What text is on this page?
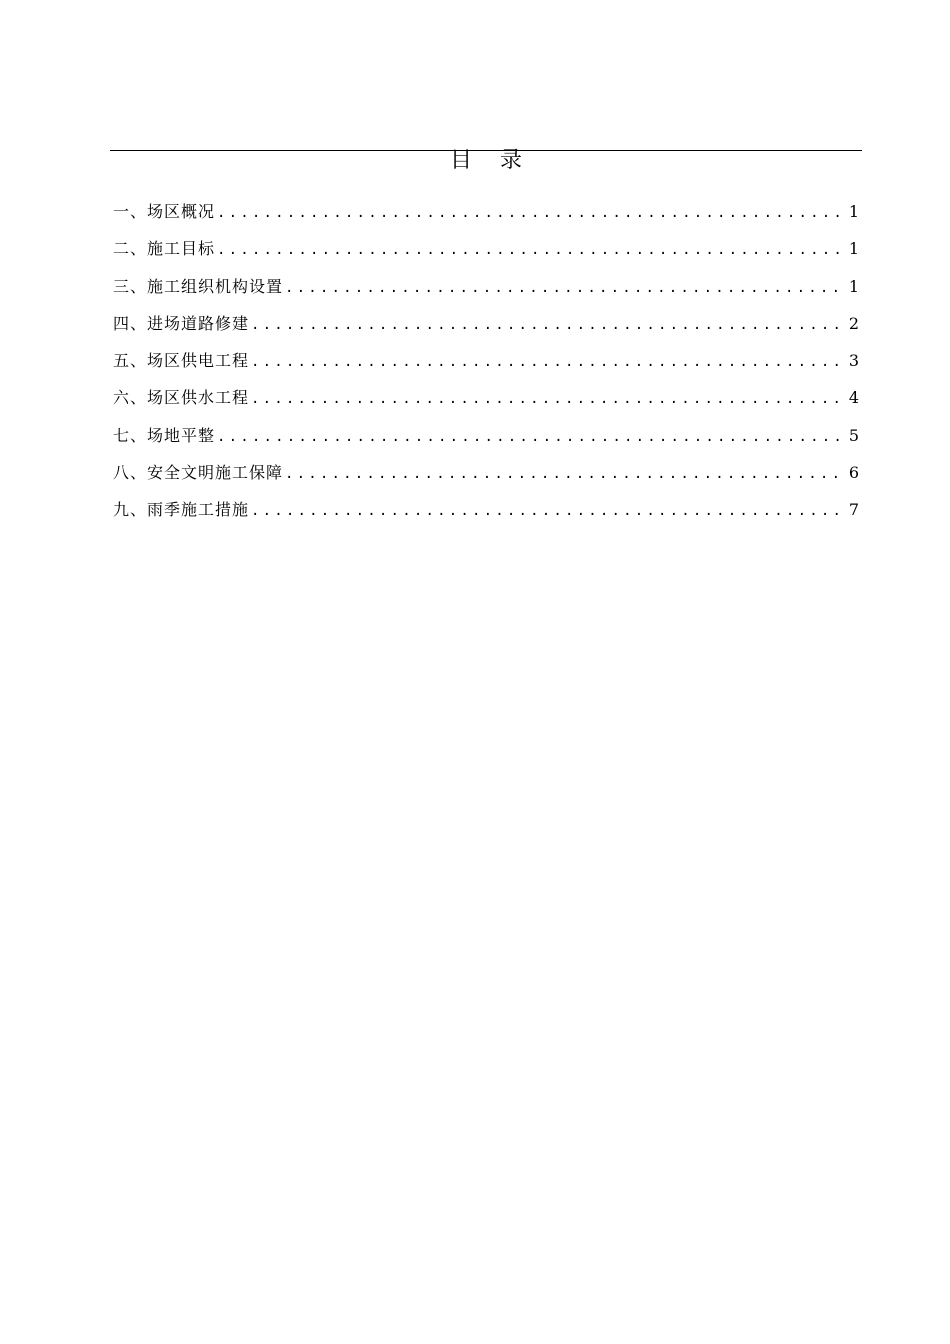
目 录
一、场区概况 .....	1
二、施工目标 .....	1
三、施工组织机构设置 .....	1
四、进场道路修建 .....	2
五、场区供电工程 .....	3
六、场区供水工程 .....	4
七、场地平整 .....	5
八、安全文明施工保障 .....	6
九、雨季施工措施 .....	7
